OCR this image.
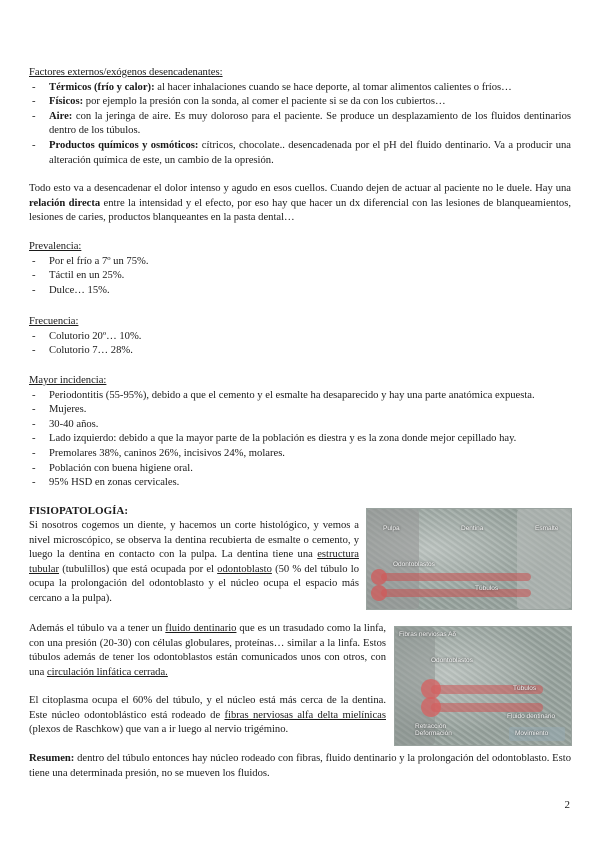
Factores externos/exógenos desencadenantes:
- Térmicos (frío y calor): al hacer inhalaciones cuando se hace deporte, al tomar alimentos calientes o fríos…
- Físicos: por ejemplo la presión con la sonda, al comer el paciente si se da con los cubiertos…
- Aire: con la jeringa de aire. Es muy doloroso para el paciente. Se produce un desplazamiento de los fluidos dentinarios dentro de los túbulos.
- Productos químicos y osmóticos: cítricos, chocolate.. desencadenada por el pH del fluido dentinario. Va a producir una alteración química de este, un cambio de la opresión.
Todo esto va a desencadenar el dolor intenso y agudo en esos cuellos. Cuando dejen de actuar al paciente no le duele. Hay una relación directa entre la intensidad y el efecto, por eso hay que hacer un dx diferencial con las lesiones de blanqueamientos, lesiones de caries, productos blanqueantes en la pasta dental…
Prevalencia:
- Por el frío a 7º un 75%.
- Táctil en un 25%.
- Dulce… 15%.
Frecuencia:
- Colutorio 20º… 10%.
- Colutorio 7… 28%.
Mayor incidencia:
- Periodontitis (55-95%), debido a que el cemento y el esmalte ha desaparecido y hay una parte anatómica expuesta.
- Mujeres.
- 30-40 años.
- Lado izquierdo: debido a que la mayor parte de la población es diestra y es la zona donde mejor cepillado hay.
- Premolares 38%, caninos 26%, incisivos 24%, molares.
- Población con buena higiene oral.
- 95% HSD en zonas cervicales.
FISIOPATOLOGÍA:
Si nosotros cogemos un diente, y hacemos un corte histológico, y vemos a nivel microscópico, se observa la dentina recubierta de esmalte o cemento, y luego la dentina en contacto con la pulpa. La dentina tiene una estructura tubular (tubulillos) que está ocupada por el odontoblasto (50 % del túbulo lo ocupa la prolongación del odontoblasto y el núcleo ocupa el espacio más cercano a la pulpa).
Pulpa	Dentina	Esmalte
Odontoblastos
Túbulos
Además el túbulo va a tener un fluido dentinario que es un trasudado como la linfa, con una presión (20-30) con células globulares, proteínas… similar a la linfa. Estos túbulos además de tener los odontoblastos están comunicados unos con otros, con una circulación linfática cerrada.
El citoplasma ocupa el 60% del túbulo, y el núcleo está más cerca de la dentina. Este núcleo odontoblástico está rodeado de fibras nerviosas alfa delta mielínicas (plexos de Raschkow) que van a ir luego al nervio trigémino.
Fibras nerviosas Aδ
Odontoblastos
Túbulos
Fluido dentinario
Retracción Deformación	Movimiento
Resumen: dentro del túbulo entonces hay núcleo rodeado con fibras, fluido dentinario y la prolongación del odontoblasto. Esto tiene una determinada presión, no se mueven los fluidos.
2
